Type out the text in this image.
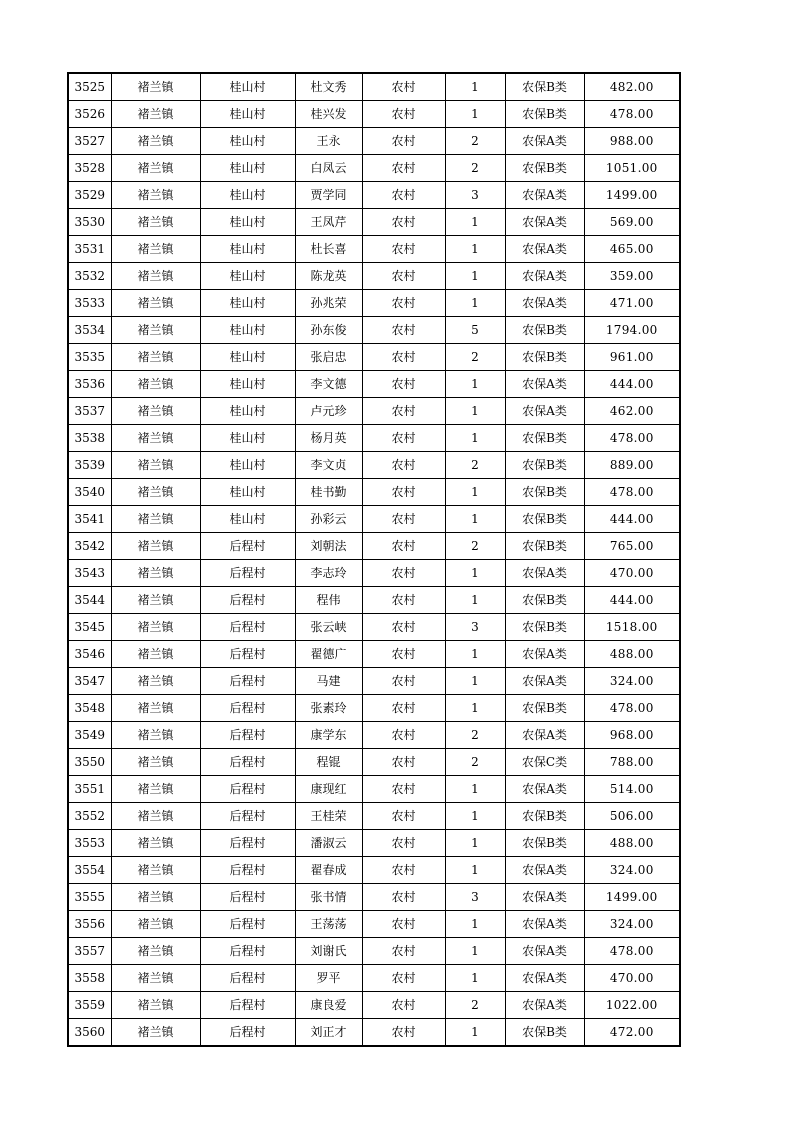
3525	褚兰镇	桂山村	杜文秀	农村	1	农保B类	482.00
3526	褚兰镇	桂山村	桂兴发	农村	1	农保B类	478.00
3527	褚兰镇	桂山村	王永	农村	2	农保A类	988.00
3528	褚兰镇	桂山村	白凤云	农村	2	农保B类	1051.00
3529	褚兰镇	桂山村	贾学同	农村	3	农保A类	1499.00
3530	褚兰镇	桂山村	王凤芹	农村	1	农保A类	569.00
3531	褚兰镇	桂山村	杜长喜	农村	1	农保A类	465.00
3532	褚兰镇	桂山村	陈龙英	农村	1	农保A类	359.00
3533	褚兰镇	桂山村	孙兆荣	农村	1	农保A类	471.00
3534	褚兰镇	桂山村	孙东俊	农村	5	农保B类	1794.00
3535	褚兰镇	桂山村	张启忠	农村	2	农保B类	961.00
3536	褚兰镇	桂山村	李文德	农村	1	农保A类	444.00
3537	褚兰镇	桂山村	卢元珍	农村	1	农保A类	462.00
3538	褚兰镇	桂山村	杨月英	农村	1	农保B类	478.00
3539	褚兰镇	桂山村	李文贞	农村	2	农保B类	889.00
3540	褚兰镇	桂山村	桂书勤	农村	1	农保B类	478.00
3541	褚兰镇	桂山村	孙彩云	农村	1	农保B类	444.00
3542	褚兰镇	后程村	刘朝法	农村	2	农保B类	765.00
3543	褚兰镇	后程村	李志玲	农村	1	农保A类	470.00
3544	褚兰镇	后程村	程伟	农村	1	农保B类	444.00
3545	褚兰镇	后程村	张云峡	农村	3	农保B类	1518.00
3546	褚兰镇	后程村	翟德广	农村	1	农保A类	488.00
3547	褚兰镇	后程村	马建	农村	1	农保A类	324.00
3548	褚兰镇	后程村	张素玲	农村	1	农保B类	478.00
3549	褚兰镇	后程村	康学东	农村	2	农保A类	968.00
3550	褚兰镇	后程村	程锟	农村	2	农保C类	788.00
3551	褚兰镇	后程村	康现红	农村	1	农保A类	514.00
3552	褚兰镇	后程村	王桂荣	农村	1	农保B类	506.00
3553	褚兰镇	后程村	潘淑云	农村	1	农保B类	488.00
3554	褚兰镇	后程村	翟春成	农村	1	农保A类	324.00
3555	褚兰镇	后程村	张书情	农村	3	农保A类	1499.00
3556	褚兰镇	后程村	王荡荡	农村	1	农保A类	324.00
3557	褚兰镇	后程村	刘谢氏	农村	1	农保A类	478.00
3558	褚兰镇	后程村	罗平	农村	1	农保A类	470.00
3559	褚兰镇	后程村	康良爱	农村	2	农保A类	1022.00
3560	褚兰镇	后程村	刘正才	农村	1	农保B类	472.00
